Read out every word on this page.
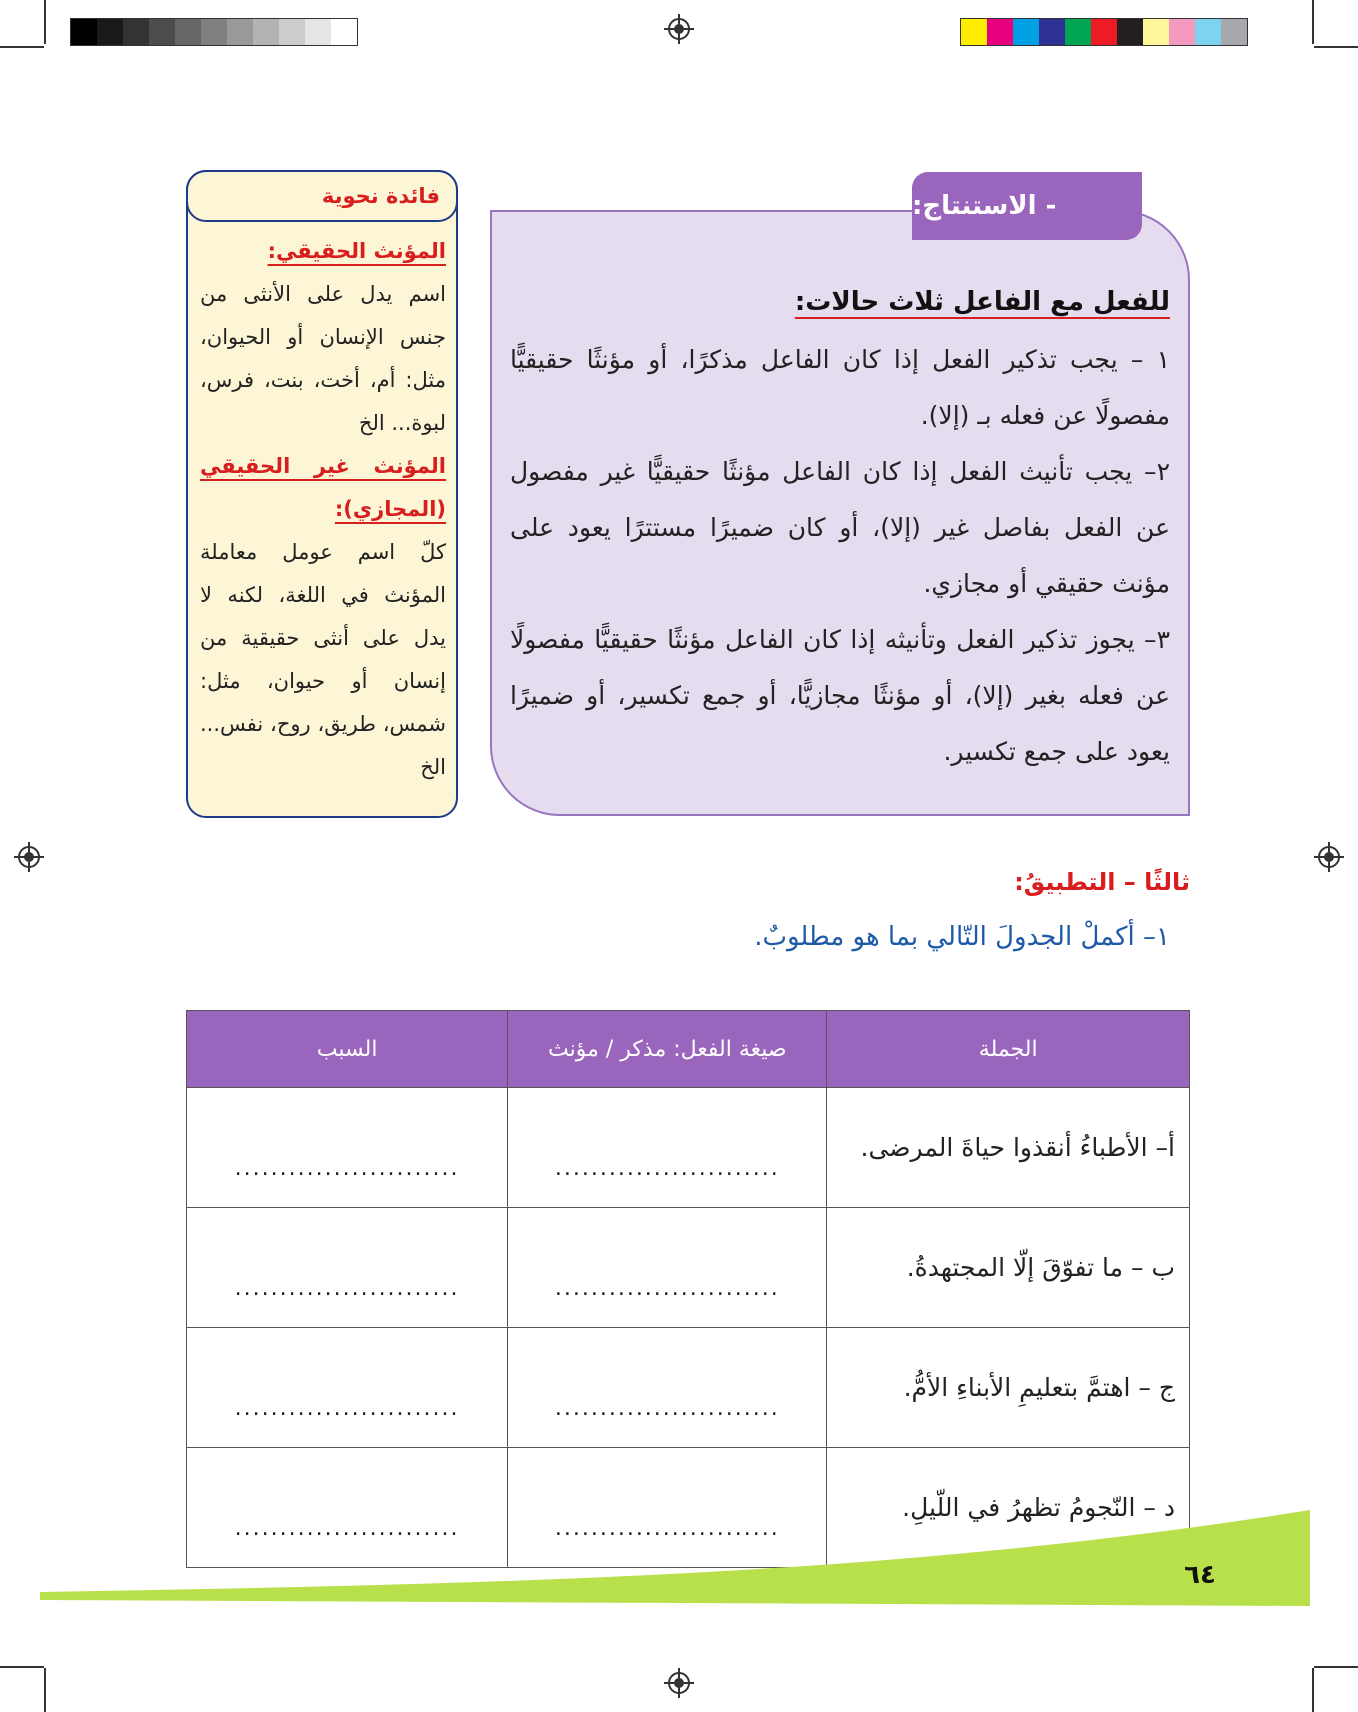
- الاستنتاج:
للفعل مع الفاعل ثلاث حالات:

١ – يجب تذكير الفعل إذا كان الفاعل مذكرًا، أو مؤنثًا حقيقيًّا مفصولًا عن فعله بـ (إلا).

٢– يجب تأنيث الفعل إذا كان الفاعل مؤنثًا حقيقيًّا غير مفصول عن الفعل بفاصل غير (إلا)، أو كان ضميرًا مستترًا يعود على مؤنث حقيقي أو مجازي.

٣– يجوز تذكير الفعل وتأنيثه إذا كان الفاعل مؤنثًا حقيقيًّا مفصولًا عن فعله بغير (إلا)، أو مؤنثًا مجازيًّا، أو جمع تكسير، أو ضميرًا يعود على جمع تكسير.

فائدة نحوية
المؤنث الحقيقي:
اسم يدل على الأنثى من جنس الإنسان أو الحيوان، مثل: أم، أخت، بنت، فرس، لبوة... الخ
المؤنث غير الحقيقي (المجازي):
كلّ اسم عومل معاملة المؤنث في اللغة، لكنه لا يدل على أنثى حقيقية من إنسان أو حيوان، مثل: شمس، طريق، روح، نفس... الخ
ثالثًا – التطبيقُ:
١– أكملْ الجدولَ التّالي بما هو مطلوبٌ.
الجملة	صيغة الفعل: مذكر / مؤنث	السبب
أ– الأطباءُ أنقذوا حياةَ المرضى.	.........................	.........................
ب – ما تفوّقَ إلّا المجتهدةُ.	.........................	.........................
ج – اهتمَّ بتعليمِ الأبناءِ الأمُّ.	.........................	.........................
د – النّجومُ تظهرُ في اللّيلِ.	.........................	.........................
٦٤
